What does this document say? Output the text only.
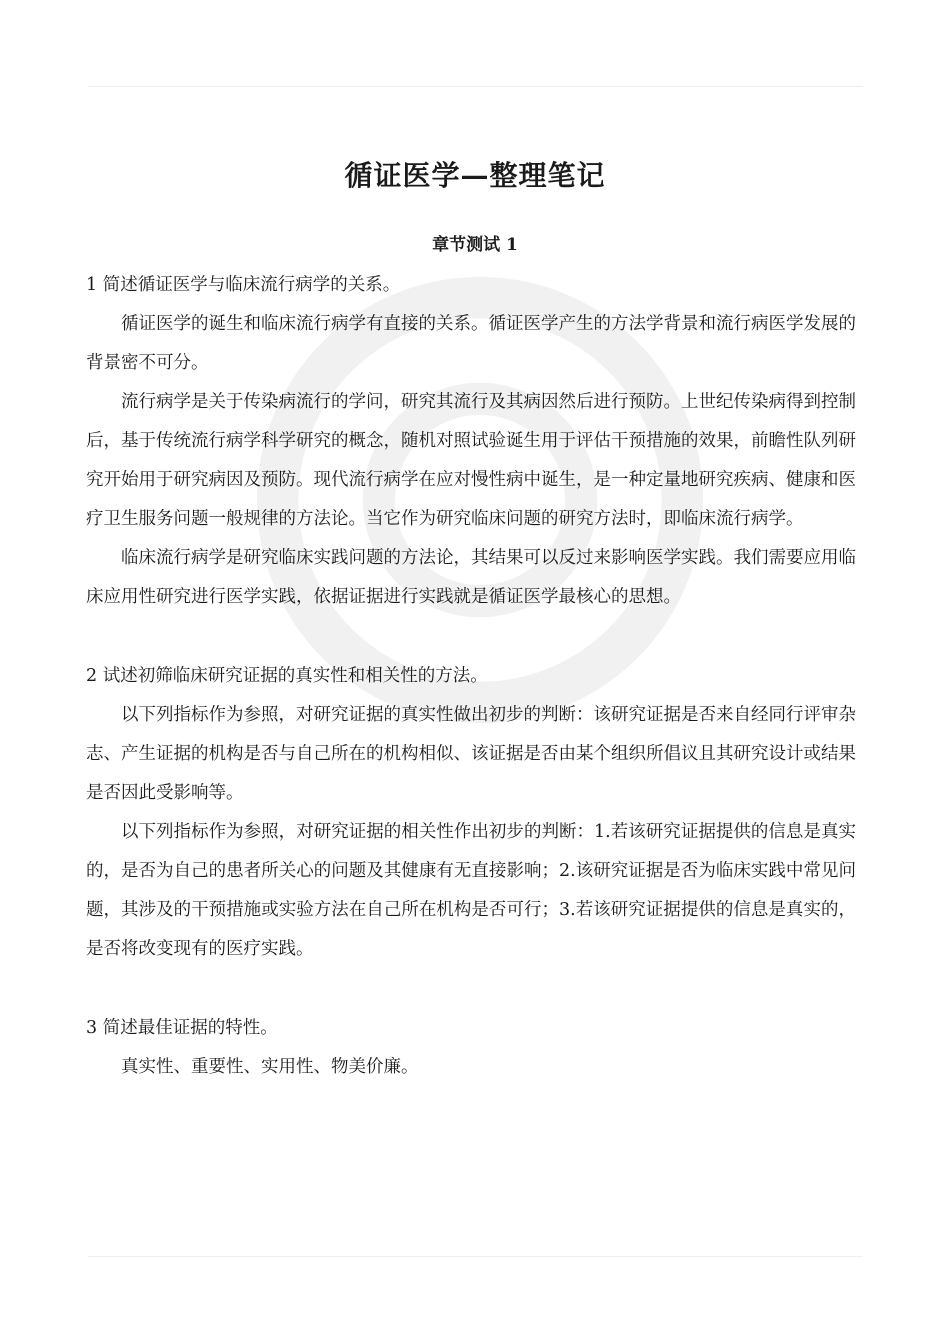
循证医学—整理笔记
章节测试 1

1 简述循证医学与临床流行病学的关系。

循证医学的诞生和临床流行病学有直接的关系。循证医学产生的方法学背景和流行病医学发展的背景密不可分。

流行病学是关于传染病流行的学问，研究其流行及其病因然后进行预防。上世纪传染病得到控制后，基于传统流行病学科学研究的概念，随机对照试验诞生用于评估干预措施的效果，前瞻性队列研究开始用于研究病因及预防。现代流行病学在应对慢性病中诞生，是一种定量地研究疾病、健康和医疗卫生服务问题一般规律的方法论。当它作为研究临床问题的研究方法时，即临床流行病学。

临床流行病学是研究临床实践问题的方法论，其结果可以反过来影响医学实践。我们需要应用临床应用性研究进行医学实践，依据证据进行实践就是循证医学最核心的思想。

2 试述初筛临床研究证据的真实性和相关性的方法。

以下列指标作为参照，对研究证据的真实性做出初步的判断：该研究证据是否来自经同行评审杂志、产生证据的机构是否与自己所在的机构相似、该证据是否由某个组织所倡议且其研究设计或结果是否因此受影响等。

以下列指标作为参照，对研究证据的相关性作出初步的判断：1.若该研究证据提供的信息是真实的，是否为自己的患者所关心的问题及其健康有无直接影响；2.该研究证据是否为临床实践中常见问题，其涉及的干预措施或实验方法在自己所在机构是否可行；3.若该研究证据提供的信息是真实的，是否将改变现有的医疗实践。

3 简述最佳证据的特性。

真实性、重要性、实用性、物美价廉。
